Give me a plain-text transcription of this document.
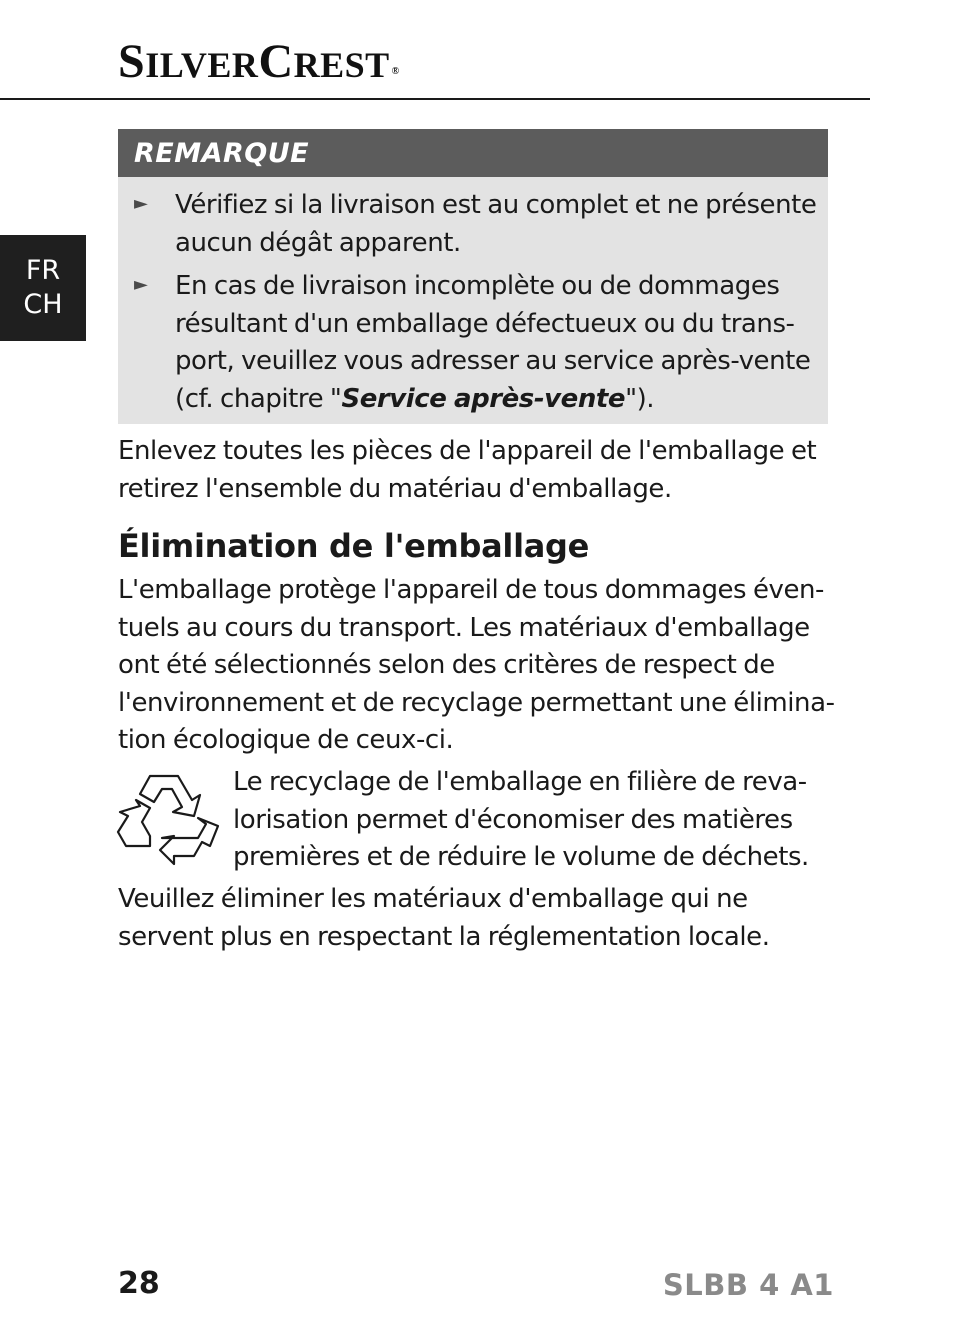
SILVERCREST ®
FR
CH
REMARQUE
► Vérifiez si la livraison est au complet et ne présente aucun dégât apparent.
► En cas de livraison incomplète ou de dommages résultant d'un emballage défectueux ou du trans-port, veuillez vous adresser au service après-vente (cf. chapitre "Service après-vente").
Enlevez toutes les pièces de l'appareil de l'emballage et retirez l'ensemble du matériau d'emballage.
Élimination de l'emballage
L'emballage protège l'appareil de tous dommages éven-tuels au cours du transport. Les matériaux d'emballage ont été sélectionnés selon des critères de respect de l'environnement et de recyclage permettant une élimina-tion écologique de ceux-ci.
Le recyclage de l'emballage en filière de reva-lorisation permet d'économiser des matières premières et de réduire le volume de déchets.
Veuillez éliminer les matériaux d'emballage qui ne servent plus en respectant la réglementation locale.
28	SLBB 4 A1
